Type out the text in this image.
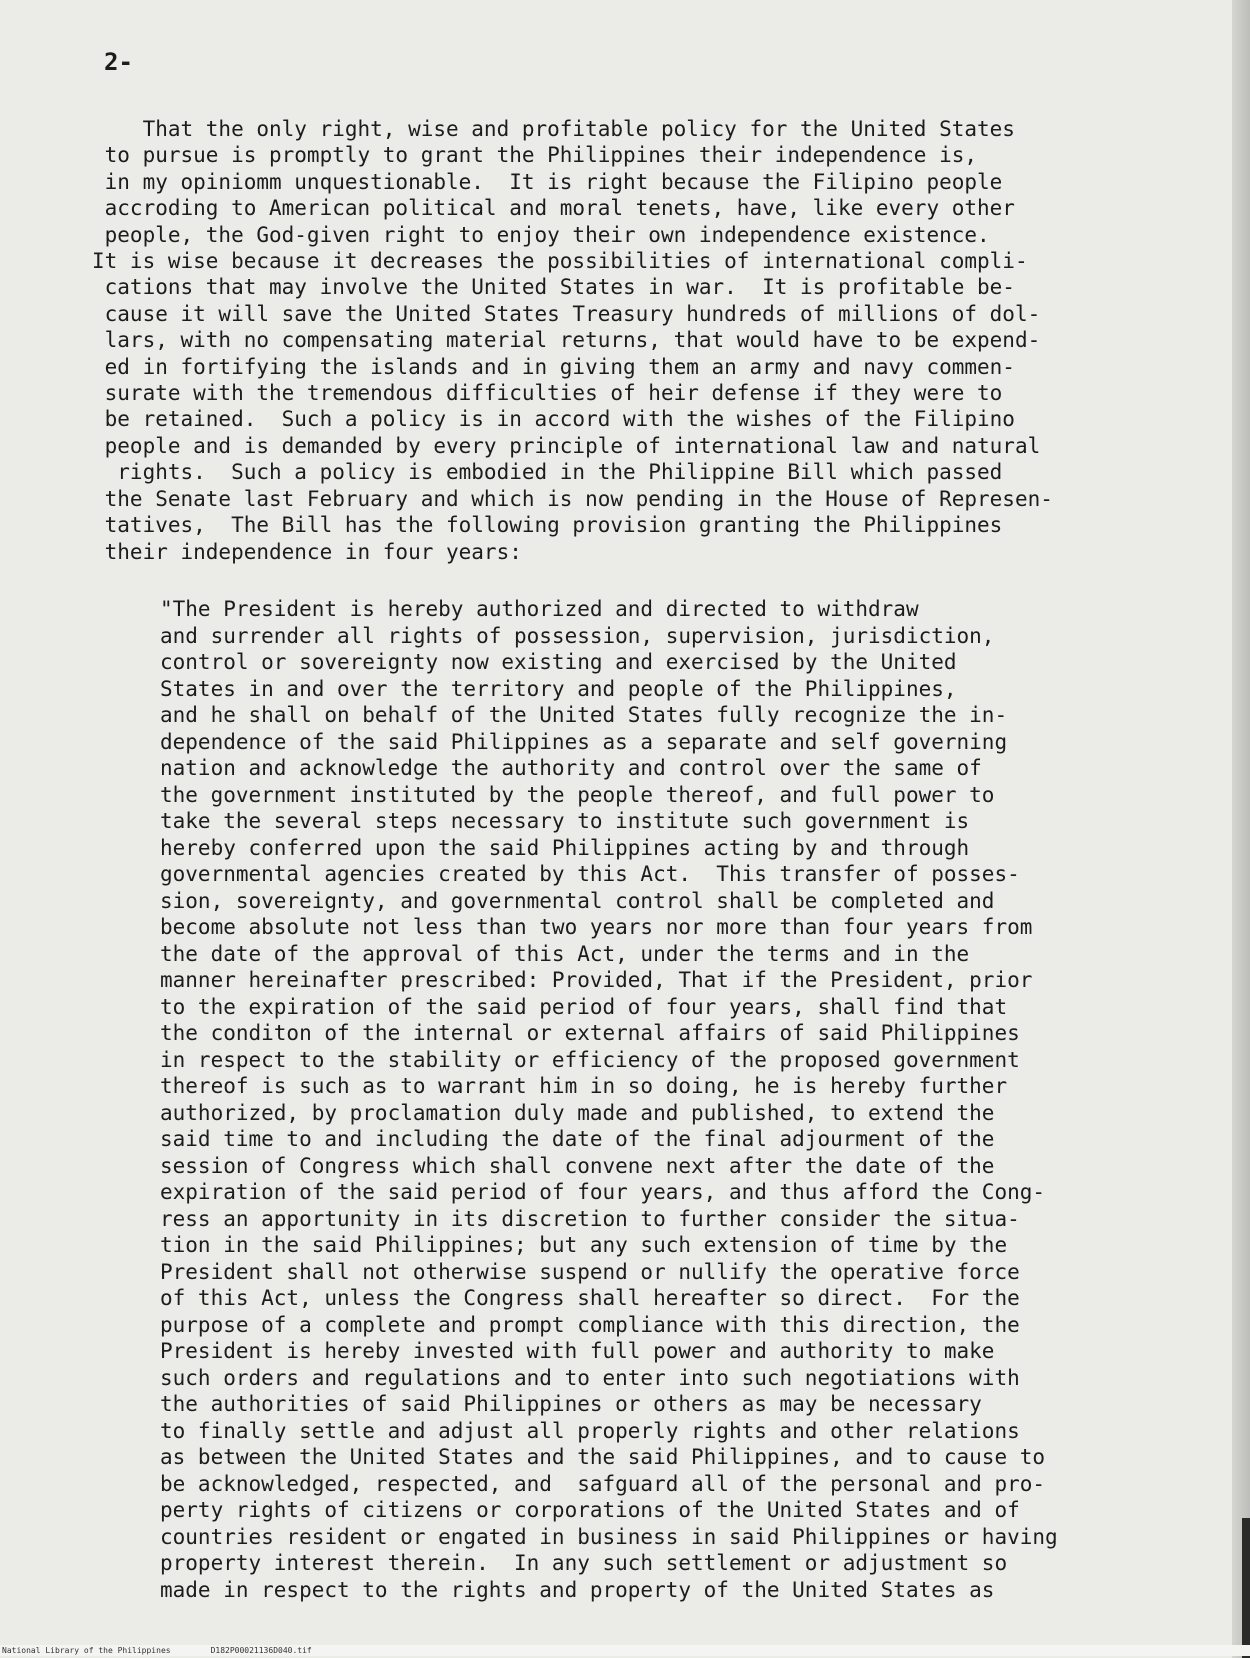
2-
That the only right, wise and profitable policy for the United States
to pursue is promptly to grant the Philippines their independence is,
in my opiniomm unquestionable.  It is right because the Filipino people
accroding to American political and moral tenets, have, like every other
people, the God-given right to enjoy their own independence existence.
It is wise because it decreases the possibilities of international compli-
cations that may involve the United States in war.  It is profitable be-
cause it will save the United States Treasury hundreds of millions of dol-
lars, with no compensating material returns, that would have to be expend-
ed in fortifying the islands and in giving them an army and navy commen-
surate with the tremendous difficulties of heir defense if they were to
be retained.  Such a policy is in accord with the wishes of the Filipino
people and is demanded by every principle of international law and natural
rights.  Such a policy is embodied in the Philippine Bill which passed
the Senate last February and which is now pending in the House of Represen-
tatives,  The Bill has the following provision granting the Philippines
their independence in four years:
"The President is hereby authorized and directed to withdraw
and surrender all rights of possession, supervision, jurisdiction,
control or sovereignty now existing and exercised by the United
States in and over the territory and people of the Philippines,
and he shall on behalf of the United States fully recognize the in-
dependence of the said Philippines as a separate and self governing
nation and acknowledge the authority and control over the same of
the government instituted by the people thereof, and full power to
take the several steps necessary to institute such government is
hereby conferred upon the said Philippines acting by and through
governmental agencies created by this Act.  This transfer of posses-
sion, sovereignty, and governmental control shall be completed and
become absolute not less than two years nor more than four years from
the date of the approval of this Act, under the terms and in the
manner hereinafter prescribed: Provided, That if the President, prior
to the expiration of the said period of four years, shall find that
the conditon of the internal or external affairs of said Philippines
in respect to the stability or efficiency of the proposed government
thereof is such as to warrant him in so doing, he is hereby further
authorized, by proclamation duly made and published, to extend the
said time to and including the date of the final adjourment of the
session of Congress which shall convene next after the date of the
expiration of the said period of four years, and thus afford the Cong-
ress an apportunity in its discretion to further consider the situa-
tion in the said Philippines; but any such extension of time by the
President shall not otherwise suspend or nullify the operative force
of this Act, unless the Congress shall hereafter so direct.  For the
purpose of a complete and prompt compliance with this direction, the
President is hereby invested with full power and authority to make
such orders and regulations and to enter into such negotiations with
the authorities of said Philippines or others as may be necessary
to finally settle and adjust all properly rights and other relations
as between the United States and the said Philippines, and to cause to
be acknowledged, respected, and  safguard all of the personal and pro-
perty rights of citizens or corporations of the United States and of
countries resident or engated in business in said Philippines or having
property interest therein.  In any such settlement or adjustment so
made in respect to the rights and property of the United States as
National Library of the Philippines	D182P00021136D040.tif
